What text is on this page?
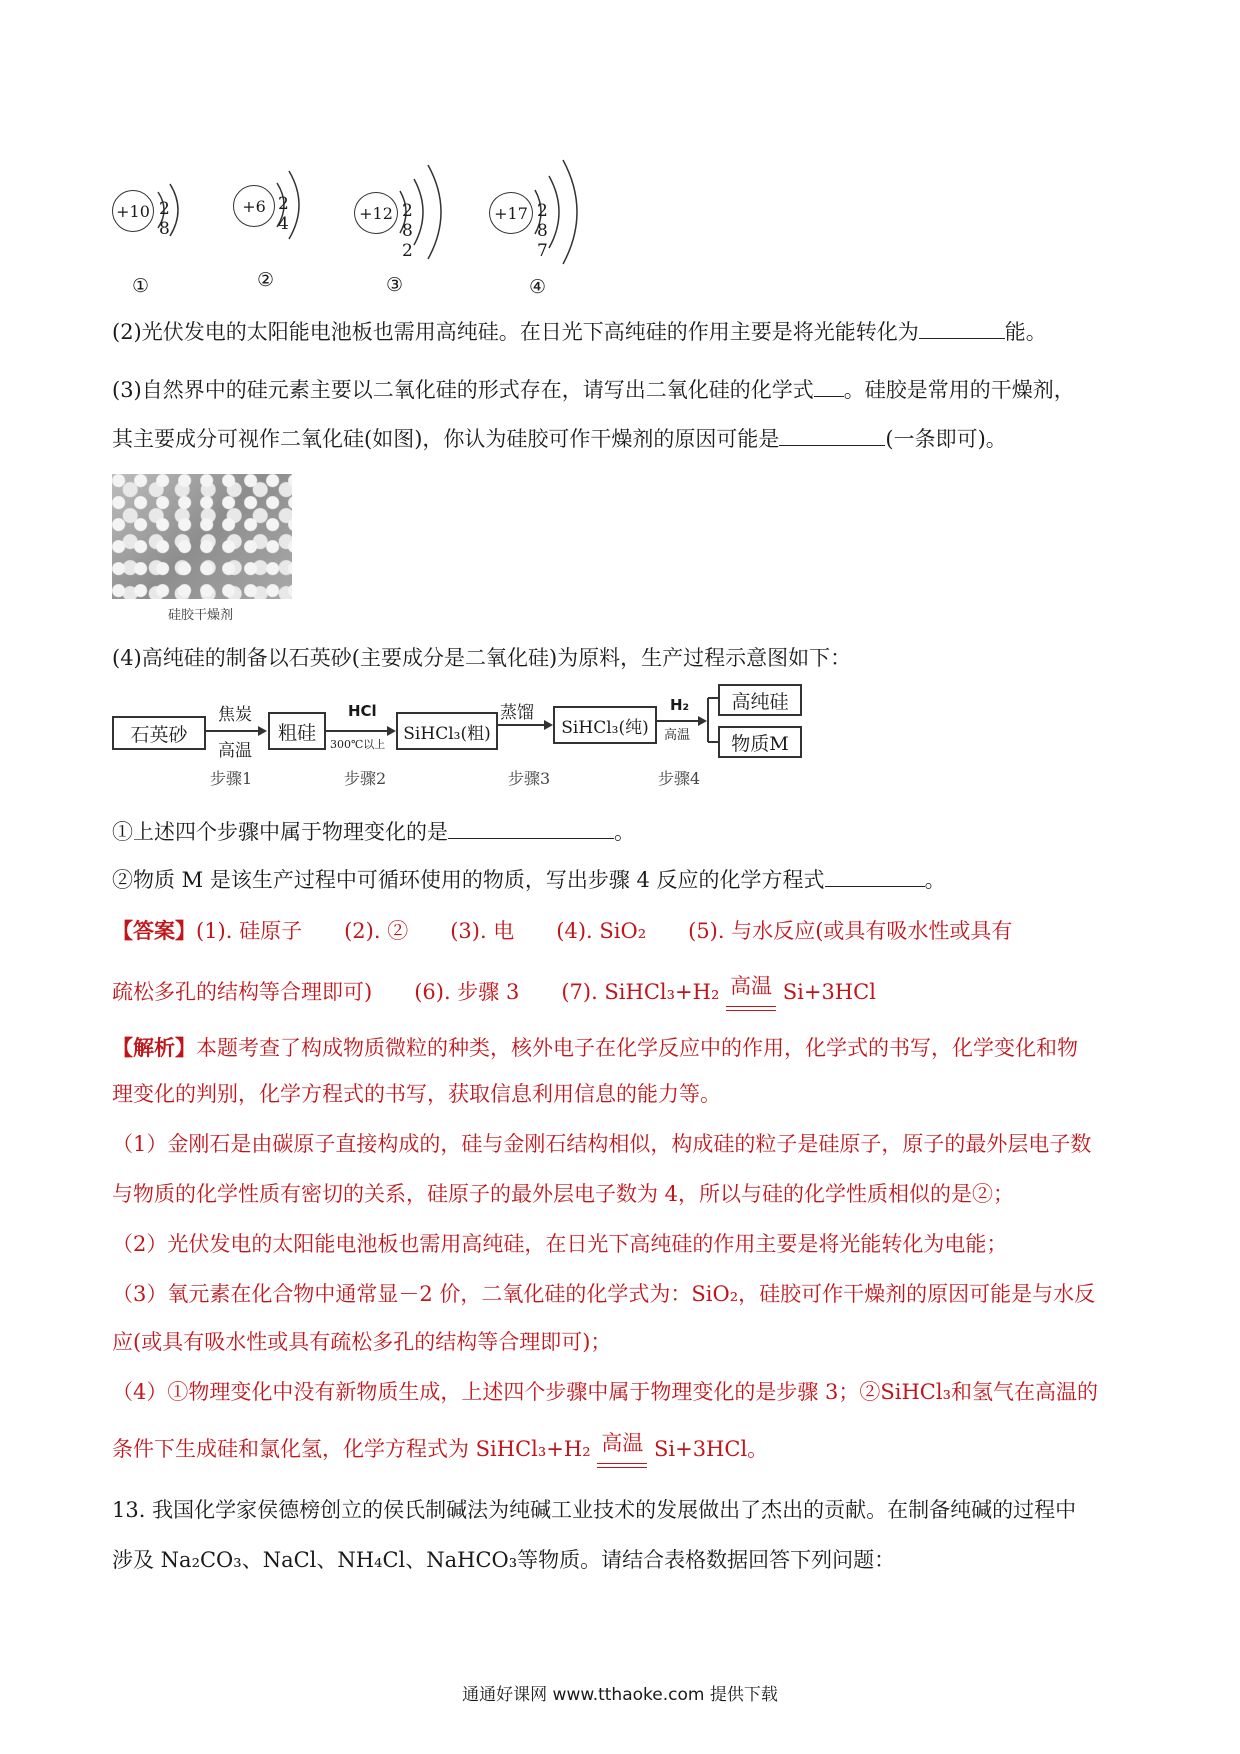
+10 2 8
①
+6 2 4
②
+12 2 8 2
③
+17 2 8 7
④
(2)光伏发电的太阳能电池板也需用高纯硅。在日光下高纯硅的作用主要是将光能转化为	能。
(3)自然界中的硅元素主要以二氧化硅的形式存在，请写出二氧化硅的化学式 。硅胶是常用的干燥剂，
其主要成分可视作二氧化硅(如图)，你认为硅胶可作干燥剂的原因可能是	(一条即可)。
硅胶干燥剂
(4)高纯硅的制备以石英砂(主要成分是二氧化硅)为原料，生产过程示意图如下：
石英砂
焦炭
高温
粗硅
HCl
300℃以上
SiHCl₃(粗)
蒸馏
SiHCl₃(纯)
H₂
高温
高纯硅
物质M
步骤1	步骤2	步骤3	步骤4
①上述四个步骤中属于物理变化的是	。
②物质 M 是该生产过程中可循环使用的物质，写出步骤 4 反应的化学方程式	。
【答案】(1). 硅原子　　(2). ②　　(3). 电　　(4). SiO₂　　(5). 与水反应(或具有吸水性或具有
疏松多孔的结构等合理即可)　　(6). 步骤 3　　(7). SiHCl₃+H₂ 高温 Si+3HCl
【解析】本题考查了构成物质微粒的种类，核外电子在化学反应中的作用，化学式的书写，化学变化和物
理变化的判别，化学方程式的书写，获取信息利用信息的能力等。
（1）金刚石是由碳原子直接构成的，硅与金刚石结构相似，构成硅的粒子是硅原子，原子的最外层电子数
与物质的化学性质有密切的关系，硅原子的最外层电子数为 4，所以与硅的化学性质相似的是②；
（2）光伏发电的太阳能电池板也需用高纯硅，在日光下高纯硅的作用主要是将光能转化为电能；
（3）氧元素在化合物中通常显－2 价，二氧化硅的化学式为：SiO₂，硅胶可作干燥剂的原因可能是与水反
应(或具有吸水性或具有疏松多孔的结构等合理即可)；
（4）①物理变化中没有新物质生成，上述四个步骤中属于物理变化的是步骤 3；②SiHCl₃和氢气在高温的
条件下生成硅和氯化氢，化学方程式为 SiHCl₃+H₂ 高温 Si+3HCl。
13. 我国化学家侯德榜创立的侯氏制碱法为纯碱工业技术的发展做出了杰出的贡献。在制备纯碱的过程中
涉及 Na₂CO₃、NaCl、NH₄Cl、NaHCO₃等物质。请结合表格数据回答下列问题：
通通好课网 www.tthaoke.com 提供下载
